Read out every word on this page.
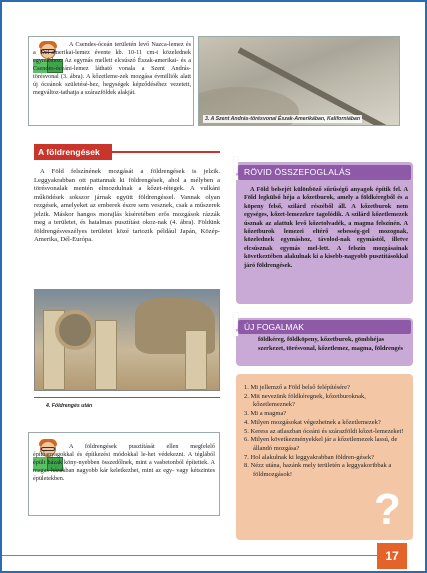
A Csendes-óceán területén levő Nazca-lemez és a Dél-amerikai-lemez évente kb. 10-11 cm-t közelednek egymáshoz. Az egymás mellett elcsúszó Észak-amerikai- és a Csendes-óceáni-lemez látható vonala a Szent András-törésvonal (3. ábra). A kőzetleme-zek mozgása évmilliók alatt új óceánok születésé-hez, hegységek képződéséhez vezetett, megváltoz-tathatja a szárazföldek alakját.

3. A Szent András-törésvonal Észak-Amerikában, Kaliforniában
A földrengések

A Föld felszínének mozgását a földrengések is jelzik. Leggyakrabban ott pattannak ki földrengések, ahol a mélyben a törésvonalak mentén elmozdulnak a kőzet-rétegek. A vulkáni működések sokszor járnak együtt földrengéssel. Vannak olyan rezgések, amelyeket az emberek észre sem vesznek, csak a műszerek jelzik. Máskor hangos morajlás kíséretében erős mozgások rázzák meg a területet, és hatalmas pusztítást okoz-nak (4. ábra). Földünk földrengésveszélyes területei közé tartozik például Japán, Közép-Amerika, Dél-Európa.

4. Földrengés után

A földrengések pusztítását ellen megfelelő építőanyagokkal és építkezési módokkal le-het védekezni. A téglából épült házak köny-nyebben összedőlnek, mint a vasbetonból építettek. A magas házakban nagyobb kár keletkezhet, mint az egy- vagy kétszintes épületekben.

RÖVID ÖSSZEFOGLALÁS

A Föld belsejét különböző sűrűségű anyagok építik fel. A Föld legkülső héja a kőzetburok, amely a földkéregből és a köpeny felső, szilárd részéből áll. A kőzetburok nem egységes, kőzet-lemezekre tagolódik. A szilárd kőzetlemezek úsznak az alattuk levő kőzetolvadék, a magma felszínén. A kőzetburok lemezei eltérő sebesség-gel mozognak, közelednek egymáshoz, távolod-nak egymástól, illetve elcsúsznak egymás mel-lett. A felszín mozgásainak következtében alakulnak ki a kisebb-nagyobb pusztításokkal járó földrengések.

!
ÚJ FOGALMAK

földkéreg, földköpeny, kőzetburok, gömbhéjas szerkezet, törésvonal, kőzetlemez, magma, földrengés

!
1. Mi jellemző a Föld belső felépítésére?
2. Mit nevezünk földkéregnek, kőzetburoknak, kőzetlemeznek?
3. Mi a magma?
4. Milyen mozgásokat végezhetnek a kőzetlemezek?
5. Keress az atlaszban óceáni és szárazföldi kőzet-lemezeket!
6. Milyen következményekkel jár a kőzetlemezek lassú, de állandó mozgása?
7. Hol alakulnak ki leggyakrabban földren-gések?
8. Nézz utána, hazánk mely területén a leggyakoribbak a földmozgások!
?
17
